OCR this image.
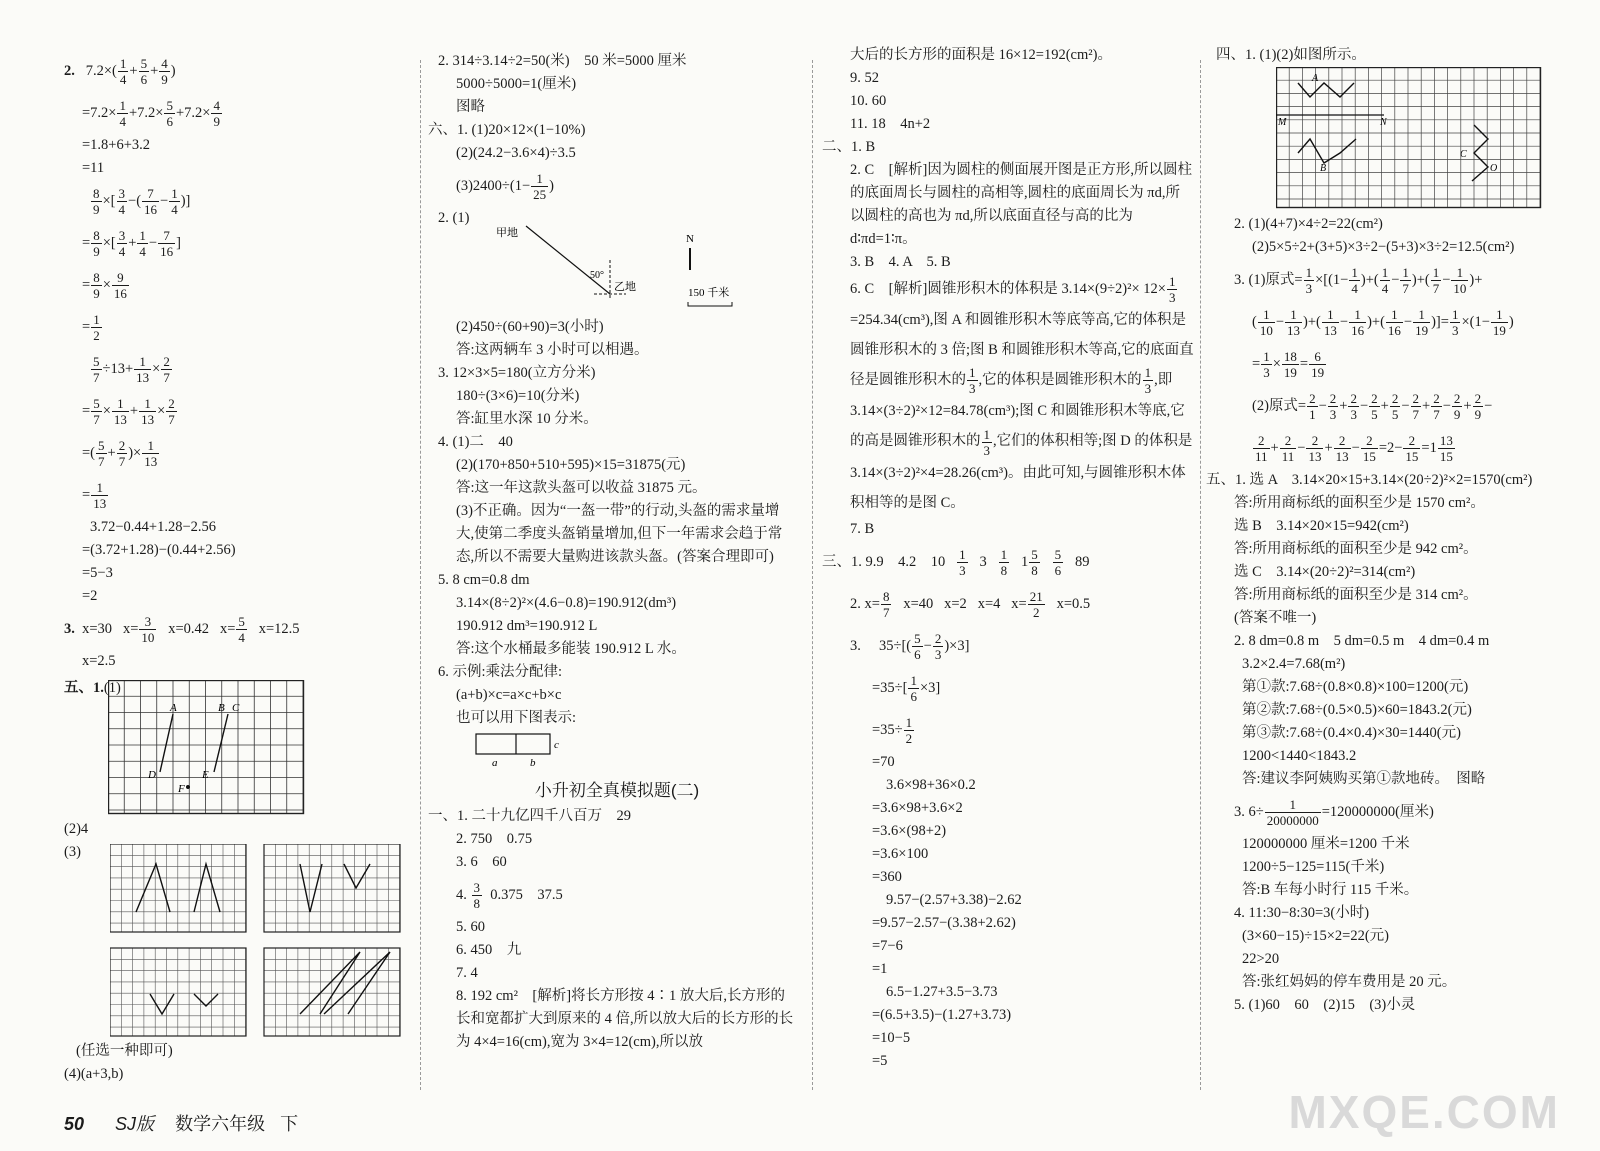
2. $7.2\times( \frac{1}{4} + \frac{5}{6} + \frac{4}{9}$ )
$=7.2\times \frac{1}{4} +7.2\times \frac{5}{6} +7.2\times \frac{4}{9}$
=1.8+6+3.2
=11
$\frac{8}{9}$ ×[ $\frac{3}{4}$ −( $\frac{7}{16} - \frac{1}{4}$ )]
= $\frac{8}{9}$ ×[ $\frac{3}{4} + \frac{1}{4} - \frac{7}{16}$ ]
= $\frac{8}{9} \times \frac{9}{16}$
= $\frac{1}{2}$
$\frac{5}{7} \div 13+ \frac{1}{13} \times \frac{2}{7}$
= $\frac{5}{7} \times \frac{1}{13} + \frac{1}{13} \times \frac{2}{7}$
=( $\frac{5}{7} + \frac{2}{7}$ )× $\frac{1}{13}$
= $\frac{1}{13}$
3.72−0.44+1.28−2.56
=(3.72+1.28)−(0.44+2.56)
=5−3
=2
3. x=30 $x= \frac{3}{10} x=0.42$ $x= \frac{5}{4} x=12.5$
x=2.5
五、1.(1)
A	B C
D	E
F
(2)4
(3)
(任选一种即可)
(4)(a+3,b)
2. 314÷3.14÷2=50(米)　50 米=5000 厘米
5000÷5000=1(厘米)
图略
六、1. (1)20×12×(1−10%)
(2)(24.2−3.6×4)÷3.5
$(3)2400\div(1- \frac{1}{25}$ )
2. (1)
甲地
乙地
50°
N
150 千米
(2)450÷(60+90)=3(小时)
答:这两辆车 3 小时可以相遇。
3. 12×3×5=180(立方分米)
180÷(3×6)=10(分米)
答:缸里水深 10 分米。
4. (1)二　40
(2)(170+850+510+595)×15=31875(元)
答:这一年这款头盔可以收益 31875 元。
(3)不正确。因为“一盔一带”的行动,头盔的需求量增大,使第二季度头盔销量增加,但下一年需求会趋于常态,所以不需要大量购进该款头盔。(答案合理即可)
5. 8 cm=0.8 dm
3.14×(8÷2)²×(4.6−0.8)=190.912(dm³)
190.912 dm³=190.912 L
答:这个水桶最多能装 190.912 L 水。
6. 示例:乘法分配律:
(a+b)×c=a×c+b×c
也可以用下图表示:
c
a	b
小升初全真模拟题(二)
一、1. 二十九亿四千八百万　29
2. 750　0.75
3. 6　60
4. $\frac{3}{8} 0.375$　37.5
5. 60
6. 450　九
7. 4
8. 192 cm²　[解析]将长方形按 4∶1 放大后,长方形的长和宽都扩大到原来的 4 倍,所以放大后的长方形的长为 4×4=16(cm),宽为 3×4=12(cm),所以放
大后的长方形的面积是 16×12=192(cm²)。
9. 52
10. 60
11. 18　4n+2
二、1. B
2. C　[解析]因为圆柱的侧面展开图是正方形,所以圆柱的底面周长与圆柱的高相等,圆柱的底面周长为 πd,所以圆柱的高也为 πd,所以底面直径与高的比为 d∶πd=1∶π。
3. B　4. A　5. B
6. C　[解析]圆锥形积木的体积是 $3.14\times(9\div 2)^2\times 12\times \frac{1}{3}$
=254.34(cm³),图 A 和圆锥形积木等底等高,它的体积是圆锥形积木的 3 倍;图 B 和圆锥形积木等高,它的底面直径是圆锥形积木的 $\frac{1}{3}$ ,它的体积是圆锥形积木的 $\frac{1}{3}$ ,即 3.14×(3÷2)²×12=84.78(cm³);图 C 和圆锥形积木等底,它的高是圆锥形积木的 $\frac{1}{3}$ ,它们的体积相等;图 D 的体积是 3.14×(3÷2)²×4=28.26(cm³)。由此可知,与圆锥形积木体积相等的是图 C。
7. B
三、1. 9.9　4.2　$10 \frac{1}{3} 3 \frac{1}{8} 1 \frac{5}{8}$
$\frac{5}{6} 89$
2. $x= \frac{8}{7} x=40$ x=2 x=4 $x= \frac{21}{2} x=0.5$
3. $35\div[( \frac{5}{6} - \frac{2}{3} )\times 3]$
$=35\div[ \frac{1}{6} \times 3]$
$=35\div \frac{1}{2}$
=70
3.6×98+36×0.2
=3.6×98+3.6×2
=3.6×(98+2)
=3.6×100
=360
9.57−(2.57+3.38)−2.62
=9.57−2.57−(3.38+2.62)
=7−6
=1
6.5−1.27+3.5−3.73
=(6.5+3.5)−(1.27+3.73)
=10−5
=5
四、1. (1)(2)如图所示。
A
B
C
O
M	N
2. (1)(4+7)×4÷2=22(cm²)
(2)5×5÷2+(3+5)×3÷2−(5+3)×3÷2=12.5(cm²)
3. (1)原式= $\frac{1}{3} \times[(1- \frac{1}{4}$ )+( $\frac{1}{4} - \frac{1}{7}$ )+( $\frac{1}{7} - \frac{1}{10}$ )+
( $\frac{1}{10} - \frac{1}{13}$ )+( $\frac{1}{13} - \frac{1}{16}$ )+( $\frac{1}{16} - \frac{1}{19}$ )]= $\frac{1}{3} \times(1- \frac{1}{19}$ )
= $\frac{1}{3} \times \frac{18}{19} = \frac{6}{19}$
(2)原式= $\frac{2}{1} - \frac{2}{3} + \frac{2}{3} - \frac{2}{5} + \frac{2}{5} - \frac{2}{7} + \frac{2}{7} - \frac{2}{9} + \frac{2}{9}$ −
$\frac{2}{11} + \frac{2}{11} - \frac{2}{13} + \frac{2}{13} - \frac{2}{15} =2- \frac{2}{15} =1 \frac{13}{15}$
五、1. 选 A　3.14×20×15+3.14×(20÷2)²×2=1570(cm²)
答:所用商标纸的面积至少是 1570 cm²。
选 B　3.14×20×15=942(cm²)
答:所用商标纸的面积至少是 942 cm²。
选 C　3.14×(20÷2)²=314(cm²)
答:所用商标纸的面积至少是 314 cm²。
(答案不唯一)
2. 8 dm=0.8 m　5 dm=0.5 m　4 dm=0.4 m
3.2×2.4=7.68(m²)
第①款:7.68÷(0.8×0.8)×100=1200(元)
第②款:7.68÷(0.5×0.5)×60=1843.2(元)
第③款:7.68÷(0.4×0.4)×30=1440(元)
1200<1440<1843.2
答:建议李阿姨购买第①款地砖。　图略
3. $6\div \frac{1}{20000000} =120000000$(厘米)
120000000 厘米=1200 千米
1200÷5−125=115(千米)
答:B 车每小时行 115 千米。
4. 11:30−8:30=3(小时)
(3×60−15)÷15×2=22(元)
22>20
答:张红妈妈的停车费用是 20 元。
5. (1)60　60　(2)15　(3)小灵
50 SJ版 数学六年级 下	MXQE.COM
